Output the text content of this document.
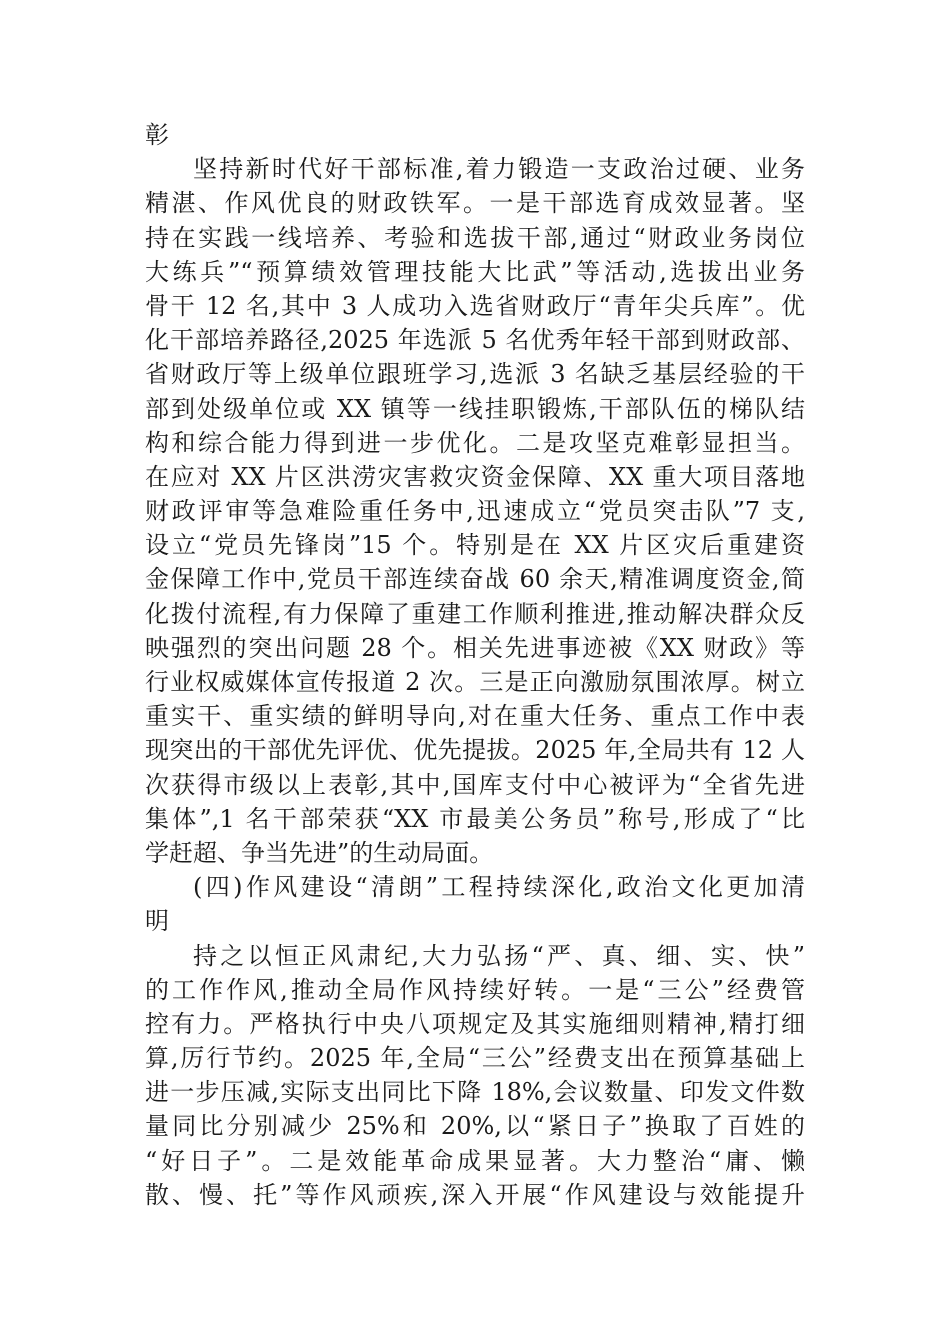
彰
坚持新时代好干部标准,着力锻造一支政治过硬、业务
精湛、作风优良的财政铁军。一是干部选育成效显著。坚
持在实践一线培养、考验和选拔干部,通过“财政业务岗位
大练兵”“预算绩效管理技能大比武”等活动,选拔出业务
骨干 12 名,其中 3 人成功入选省财政厅“青年尖兵库”。优
化干部培养路径,2025 年选派 5 名优秀年轻干部到财政部、
省财政厅等上级单位跟班学习,选派 3 名缺乏基层经验的干
部到处级单位或 XX 镇等一线挂职锻炼,干部队伍的梯队结
构和综合能力得到进一步优化。二是攻坚克难彰显担当。
在应对 XX 片区洪涝灾害救灾资金保障、XX 重大项目落地
财政评审等急难险重任务中,迅速成立“党员突击队”7 支,
设立“党员先锋岗”15 个。特别是在 XX 片区灾后重建资
金保障工作中,党员干部连续奋战 60 余天,精准调度资金,简
化拨付流程,有力保障了重建工作顺利推进,推动解决群众反
映强烈的突出问题 28 个。相关先进事迹被《XX 财政》等
行业权威媒体宣传报道 2 次。三是正向激励氛围浓厚。树立
重实干、重实绩的鲜明导向,对在重大任务、重点工作中表
现突出的干部优先评优、优先提拔。2025 年,全局共有 12 人
次获得市级以上表彰,其中,国库支付中心被评为“全省先进
集体”,1 名干部荣获“XX 市最美公务员”称号,形成了“比
学赶超、争当先进”的生动局面。
(四)作风建设“清朗”工程持续深化,政治文化更加清
明
持之以恒正风肃纪,大力弘扬“严、真、细、实、快”
的工作作风,推动全局作风持续好转。一是“三公”经费管
控有力。严格执行中央八项规定及其实施细则精神,精打细
算,厉行节约。2025 年,全局“三公”经费支出在预算基础上
进一步压减,实际支出同比下降 18%,会议数量、印发文件数
量同比分别减少 25%和 20%,以“紧日子”换取了百姓的
“好日子”。二是效能革命成果显著。大力整治“庸、懒
散、慢、托”等作风顽疾,深入开展“作风建设与效能提升
